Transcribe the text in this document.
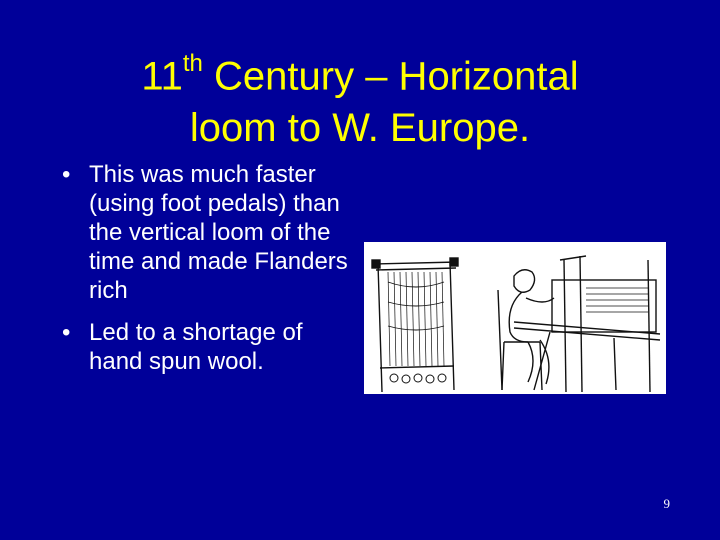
11th Century – Horizontal
loom to W. Europe.
• This was much faster (using foot pedals) than the vertical loom of the time and made Flanders rich
• Led to a shortage of hand spun wool.
9
